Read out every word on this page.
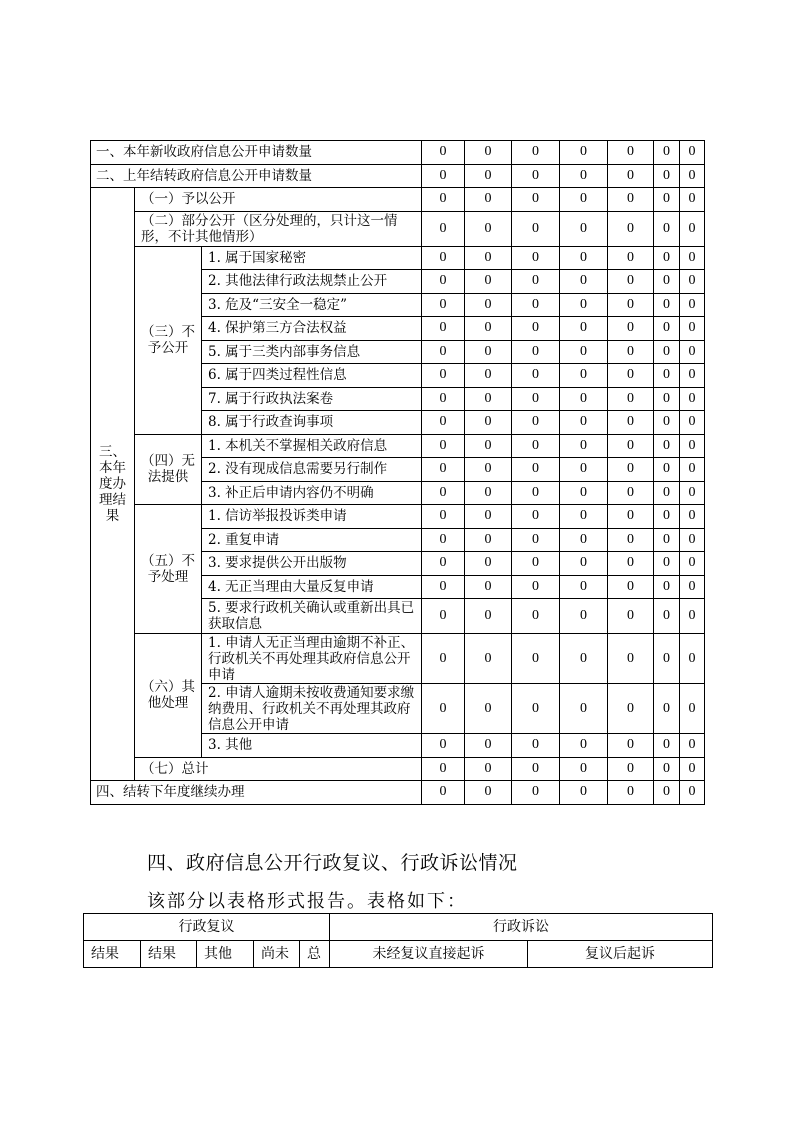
一、本年新收政府信息公开申请数量			0	0	0	0	0	0	0
二、上年结转政府信息公开申请数量			0	0	0	0	0	0	0
三、本年度办理结果	（一）予以公开		0	0	0	0	0	0	0
	（二）部分公开（区分处理的，只计这一情形，不计其他情形）		0	0	0	0	0	0	0
	（三）不予公开	1. 属于国家秘密	0	0	0	0	0	0	0
		2. 其他法律行政法规禁止公开	0	0	0	0	0	0	0
		3. 危及“三安全一稳定”	0	0	0	0	0	0	0
		4. 保护第三方合法权益	0	0	0	0	0	0	0
		5. 属于三类内部事务信息	0	0	0	0	0	0	0
		6. 属于四类过程性信息	0	0	0	0	0	0	0
		7. 属于行政执法案卷	0	0	0	0	0	0	0
		8. 属于行政查询事项	0	0	0	0	0	0	0
	（四）无法提供	1. 本机关不掌握相关政府信息	0	0	0	0	0	0	0
		2. 没有现成信息需要另行制作	0	0	0	0	0	0	0
		3. 补正后申请内容仍不明确	0	0	0	0	0	0	0
	（五）不予处理	1. 信访举报投诉类申请	0	0	0	0	0	0	0
		2. 重复申请	0	0	0	0	0	0	0
		3. 要求提供公开出版物	0	0	0	0	0	0	0
		4. 无正当理由大量反复申请	0	0	0	0	0	0	0
		5. 要求行政机关确认或重新出具已获取信息	0	0	0	0	0	0	0
	（六）其他处理	1. 申请人无正当理由逾期不补正、行政机关不再处理其政府信息公开申请	0	0	0	0	0	0	0
		2. 申请人逾期未按收费通知要求缴纳费用、行政机关不再处理其政府信息公开申请	0	0	0	0	0	0	0
		3. 其他	0	0	0	0	0	0	0
	（七）总计		0	0	0	0	0	0	0
四、结转下年度继续办理			0	0	0	0	0	0	0
四、政府信息公开行政复议、行政诉讼情况
该部分以表格形式报告。表格如下：
行政复议					行政诉讼	
结果	结果	其他	尚未	总	未经复议直接起诉	复议后起诉
